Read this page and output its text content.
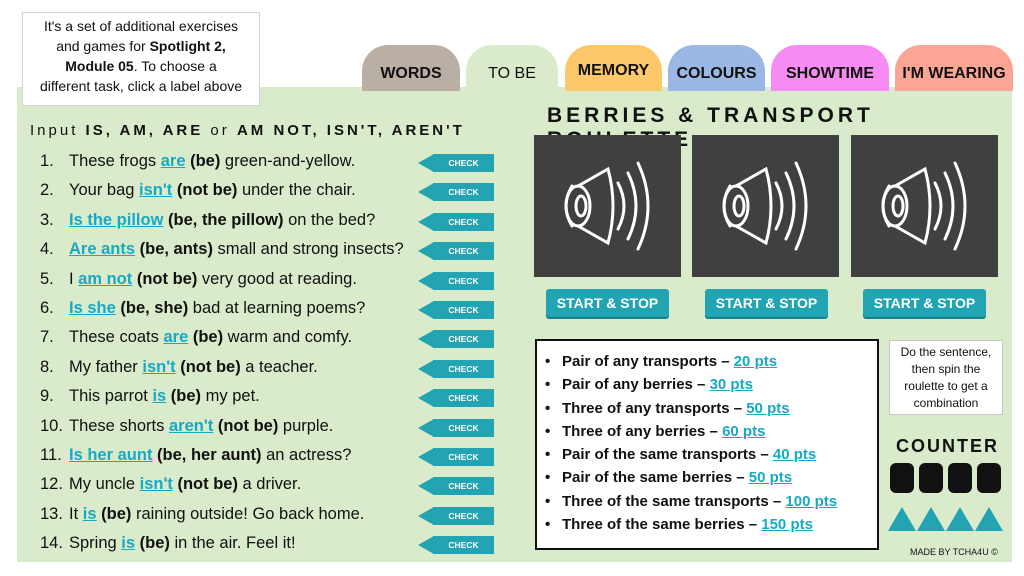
It's a set of additional exercises
and games for Spotlight 2,
Module 05. To choose a
different task, click a label above
WORDS	TO BE	MEMORY	COLOURS	SHOWTIME	I'M WEARING
Input IS, AM, ARE or AM NOT, ISN'T, AREN'T
1. These frogs are (be) green-and-yellow.	CHECK
2. Your bag isn't (not be) under the chair.	CHECK
3. Is the pillow (be, the pillow) on the bed?	CHECK
4. Are ants (be, ants) small and strong insects?	CHECK
5. I am not (not be) very good at reading.	CHECK
6. Is she (be, she) bad at learning poems?	CHECK
7. These coats are (be) warm and comfy.	CHECK
8. My father isn't (not be) a teacher.	CHECK
9. This parrot is (be) my pet.	CHECK
10. These shorts aren't (not be) purple.	CHECK
11. Is her aunt (be, her aunt) an actress?	CHECK
12. My uncle isn't (not be) a driver.	CHECK
13. It is (be) raining outside! Go back home.	CHECK
14. Spring is (be) in the air. Feel it!	CHECK
BERRIES & TRANSPORT
START & STOP	START & STOP	START & STOP
• Pair of any transports – 20 pts
• Pair of any berries – 30 pts
• Three of any transports – 50 pts
• Three of any berries – 60 pts
• Pair of the same transports – 40 pts
• Pair of the same berries – 50 pts
• Three of the same transports – 100 pts
• Three of the same berries – 150 pts
Do the sentence,
then spin the
roulette to get a
combination
COUNTER
MADE BY TCHA4U ©
